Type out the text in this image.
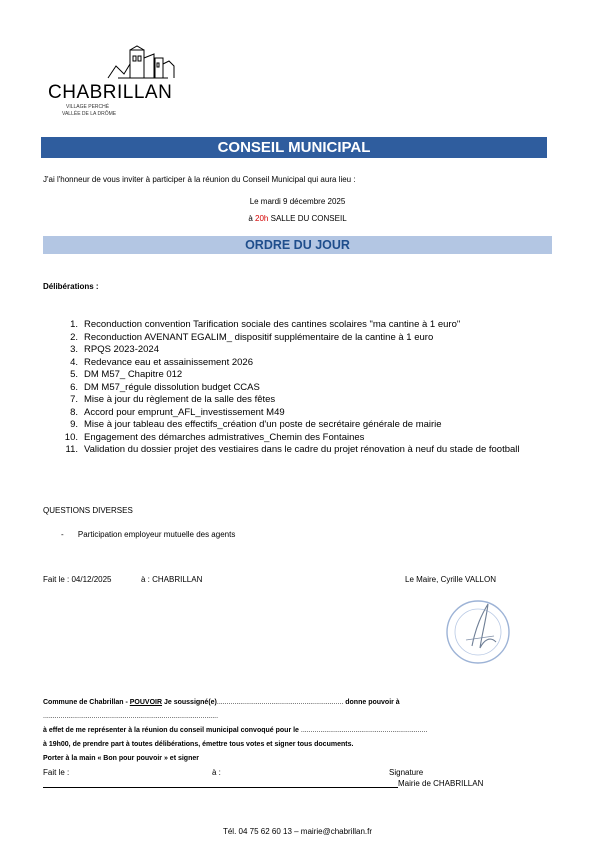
CHABRILLAN
VILLAGE PERCHÉ
VALLÉE DE LA DRÔME
CONSEIL MUNICIPAL
J'ai l'honneur de vous inviter à participer à la réunion du Conseil Municipal qui aura lieu :
Le mardi 9 décembre 2025
à 20h SALLE DU CONSEIL
ORDRE DU JOUR
Délibérations :
1. Reconduction convention Tarification sociale des cantines scolaires "ma cantine à 1 euro"
2. Reconduction AVENANT EGALIM_ dispositif supplémentaire de la cantine à 1 euro
3. RPQS 2023-2024
4. Redevance eau et assainissement 2026
5. DM M57_ Chapitre 012
6. DM M57_régule dissolution budget CCAS
7. Mise à jour du règlement de la salle des fêtes
8. Accord pour emprunt_AFL_investissement M49
9. Mise à jour tableau des effectifs_création d'un poste de secrétaire générale de mairie
10. Engagement des démarches admistratives_Chemin des Fontaines
11. Validation du dossier projet des vestiaires dans le cadre du projet rénovation à neuf du stade de football
QUESTIONS DIVERSES
- Participation employeur mutuelle des agents
Fait le : 04/12/2025	à : CHABRILLAN	Le Maire, Cyrille VALLON
Commune de Chabrillan - POUVOIR Je soussigné(e)................................................................. donne pouvoir à
..........................................................................................
à effet de me représenter à la réunion du conseil municipal convoqué pour le .................................................................
à 19h00, de prendre part à toutes délibérations, émettre tous votes et signer tous documents.
Porter à la main « Bon pour pouvoir » et signer
Fait le :	à :	Signature
Mairie de CHABRILLAN
Tél. 04 75 62 60 13 – mairie@chabrillan.fr
